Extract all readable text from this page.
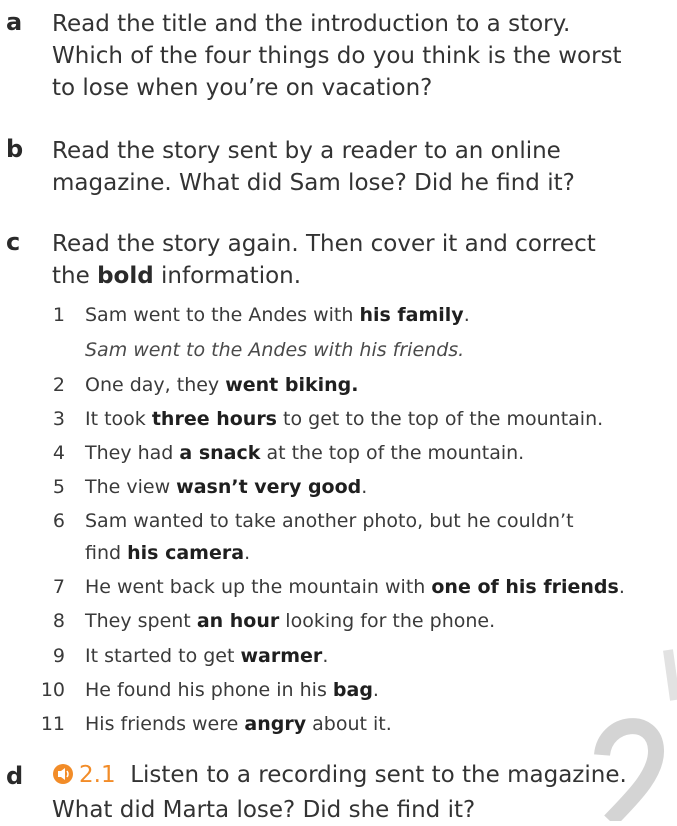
a Read the title and the introduction to a story.
Which of the four things do you think is the worst
to lose when you’re on vacation?
b Read the story sent by a reader to an online
magazine. What did Sam lose? Did he find it?
c Read the story again. Then cover it and correct
the bold information.
1 Sam went to the Andes with his family.
2 One day, they went biking.
3 It took three hours to get to the top of the mountain.
4 They had a snack at the top of the mountain.
5 The view wasn’t very good.
6 Sam wanted to take another photo, but he couldn’t
find his camera.
7 He went back up the mountain with one of his friends.
8 They spent an hour looking for the phone.
9 It started to get warmer.
10 He found his phone in his bag.
11 His friends were angry about it.
Sam went to the Andes with his friends.
d	2.1 Listen to a recording sent to the magazine.
What did Marta lose? Did she find it?
